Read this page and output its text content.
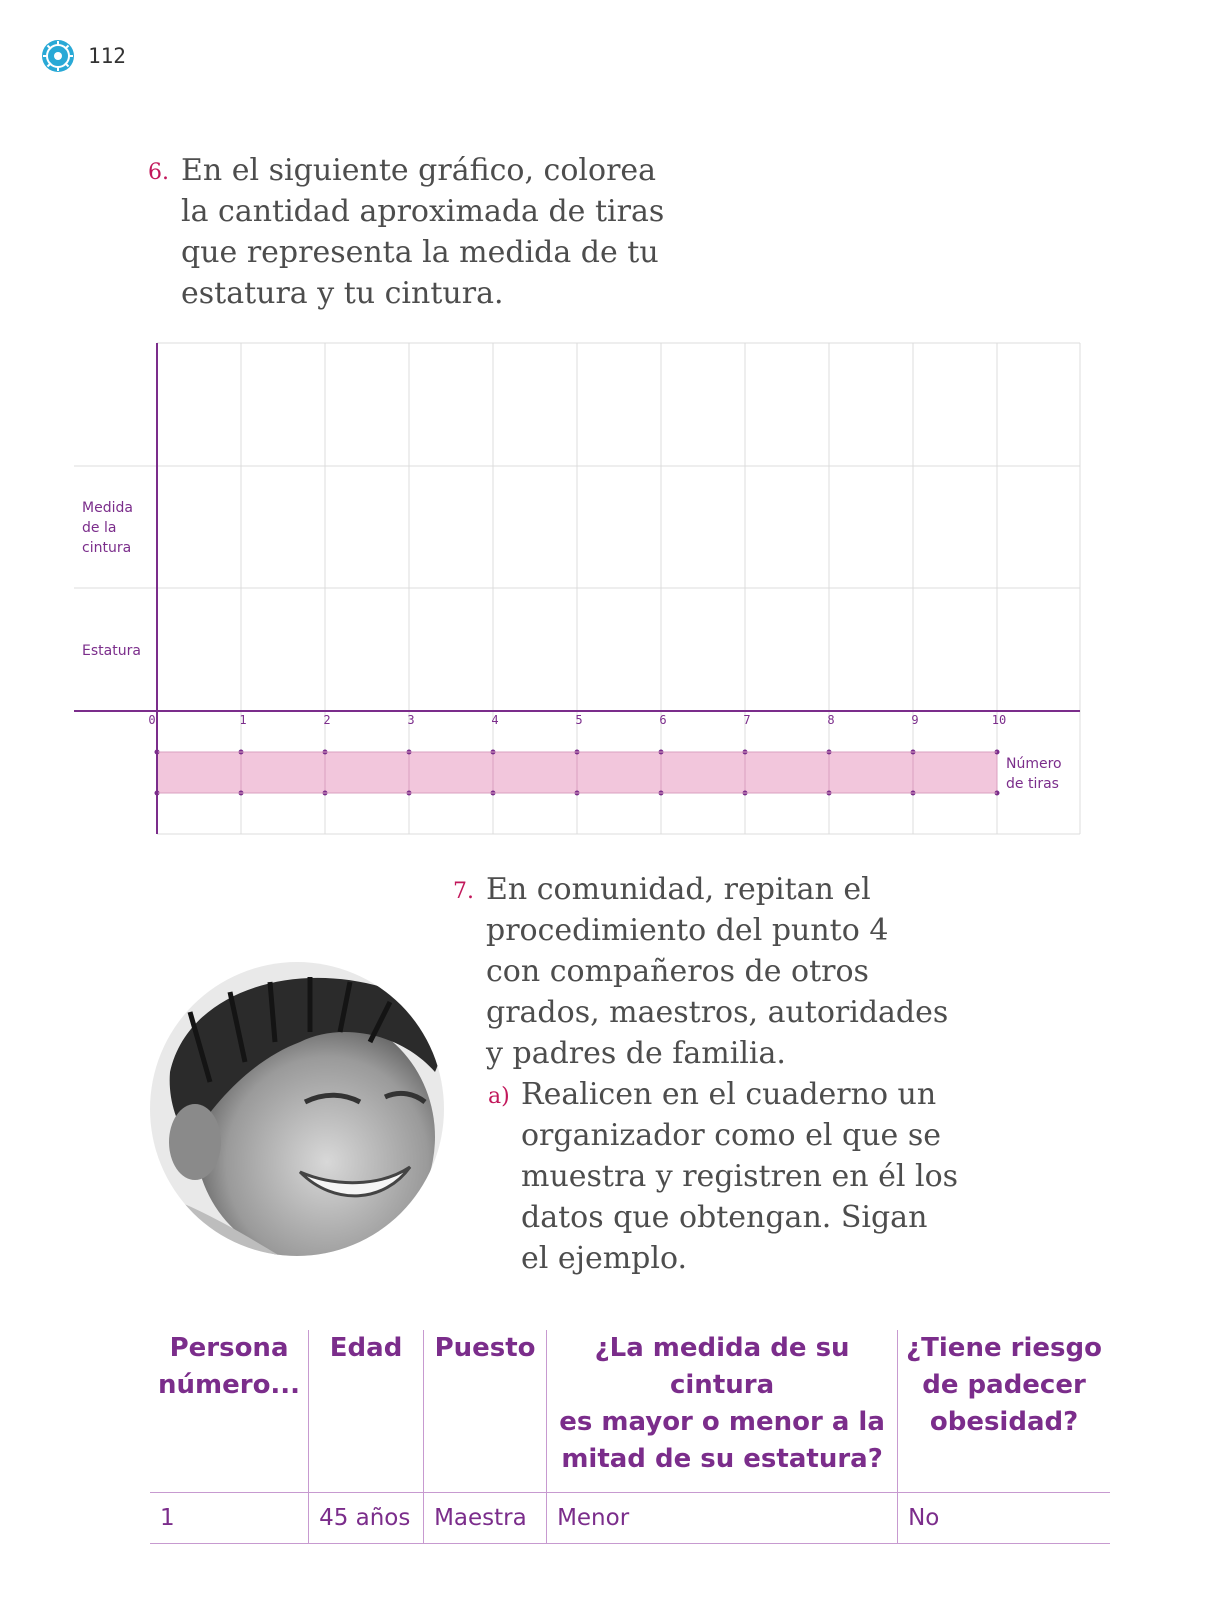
112
6. En el siguiente gráfico, colorea
la cantidad aproximada de tiras
que representa la medida de tu
estatura y tu cintura.
Medida
de la
cintura
Estatura
Número
de tiras
0	1	2	3	4	5	6	7	8	9	10
7. En comunidad, repitan el
procedimiento del punto 4
con compañeros de otros
grados, maestros, autoridades
y padres de familia.
a) Realicen en el cuaderno un
organizador como el que se
muestra y registren en él los
datos que obtengan. Sigan
el ejemplo.
Persona
número...	Edad	Puesto	¿La medida de su cintura
es mayor o menor a la
mitad de su estatura?	¿Tiene riesgo
de padecer
obesidad?
1	45 años	Maestra	Menor	No
